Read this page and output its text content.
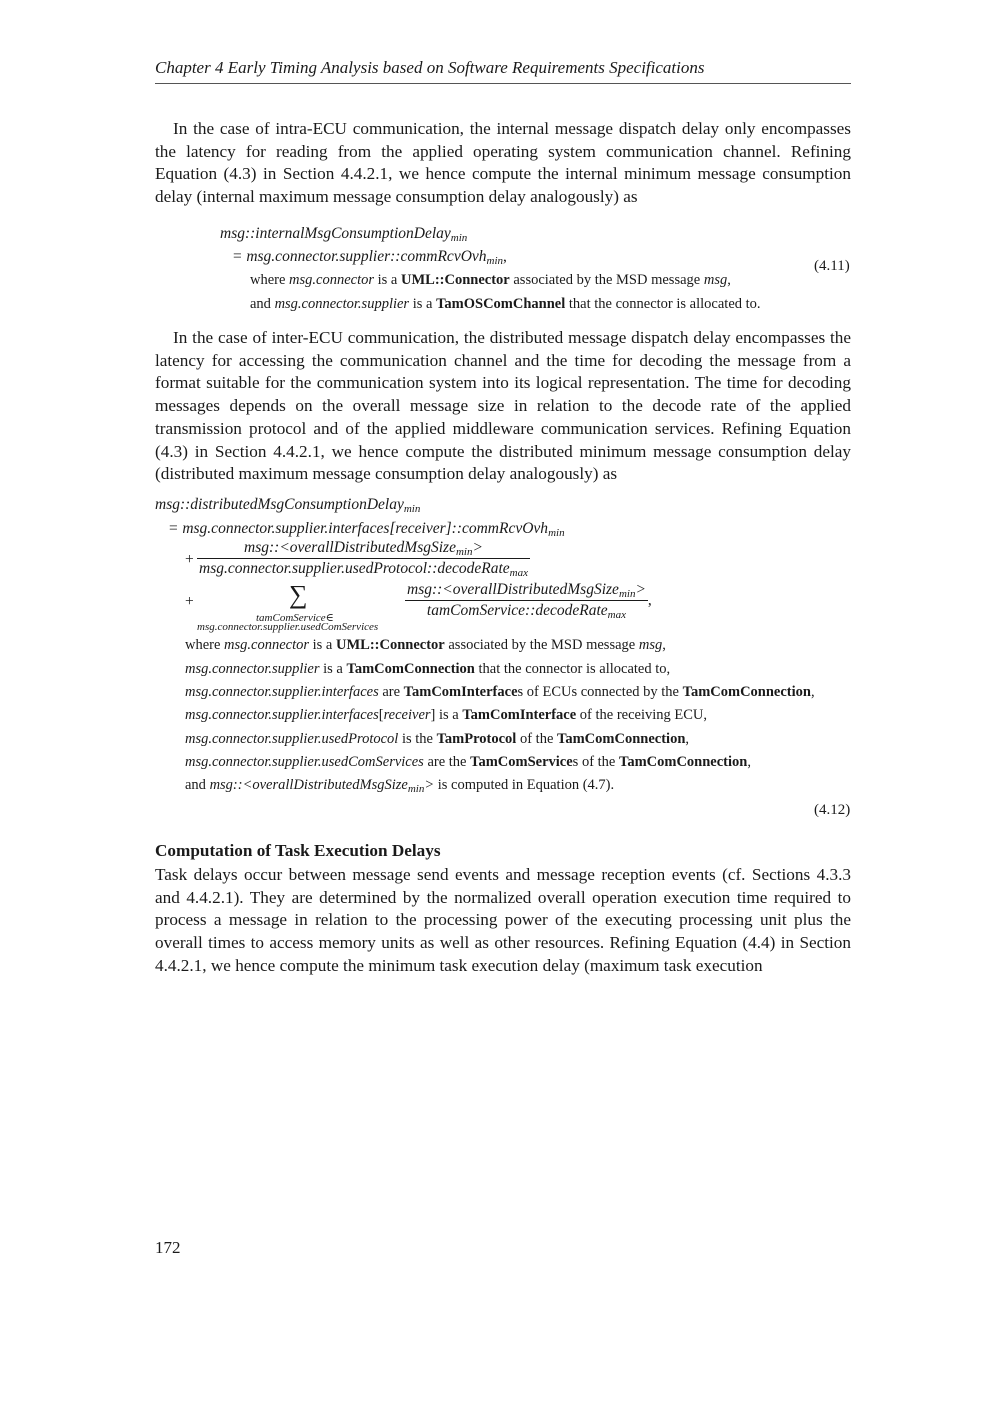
Chapter 4 Early Timing Analysis based on Software Requirements Specifications

In the case of intra-ECU communication, the internal message dispatch delay only encompasses the latency for reading from the applied operating system communication channel. Refining Equation (4.3) in Section 4.4.2.1, we hence compute the internal minimum message consumption delay (internal maximum message consumption delay analogously) as

msg::internalMsgConsumptionDelay$_{min}$
= msg.connector.supplier::commRcvOvh$_{min}$,
where msg.connector is a UML::Connector associated by the MSD message msg,
and msg.connector.supplier is a TamOSComChannel that the connector is allocated to.
(4.11)

In the case of inter-ECU communication, the distributed message dispatch delay encompasses the latency for accessing the communication channel and the time for decoding the message from a format suitable for the communication system into its logical representation. The time for decoding messages depends on the overall message size in relation to the decode rate of the applied transmission protocol and of the applied middleware communication services. Refining Equation (4.3) in Section 4.4.2.1, we hence compute the distributed minimum message consumption delay (distributed maximum message consumption delay analogously) as

msg::distributedMsgConsumptionDelay$_{min}$
= msg.connector.supplier.interfaces[receiver]::commRcvOvh$_{min}$
+ $\frac{msg::<overallDistributedMsgSize_{min}>}{msg.connector.supplier.usedProtocol::decodeRate_{max}}$
+	∑
tamComService∈
msg.connector.supplier.usedComServices
$\frac{msg::<overallDistributedMsgSize_{min}>}{tamComService::decodeRate_{max}}$ ,
where msg.connector is a UML::Connector associated by the MSD message msg,
msg.connector.supplier is a TamComConnection that the connector is allocated to,
msg.connector.supplier.interfaces are TamComInterfaces of ECUs connected by the TamComConnection,
msg.connector.supplier.interfaces[receiver] is a TamComInterface of the receiving ECU,
msg.connector.supplier.usedProtocol is the TamProtocol of the TamComConnection,
msg.connector.supplier.usedComServices are the TamComServices of the TamComConnection,
and msg::<overallDistributedMsgSize$_{min}$> is computed in Equation (4.7).
(4.12)
Computation of Task Execution Delays

Task delays occur between message send events and message reception events (cf. Sections 4.3.3 and 4.4.2.1). They are determined by the normalized overall operation execution time required to process a message in relation to the processing power of the executing processing unit plus the overall times to access memory units as well as other resources. Refining Equation (4.4) in Section 4.4.2.1, we hence compute the minimum task execution delay (maximum task execution

172
